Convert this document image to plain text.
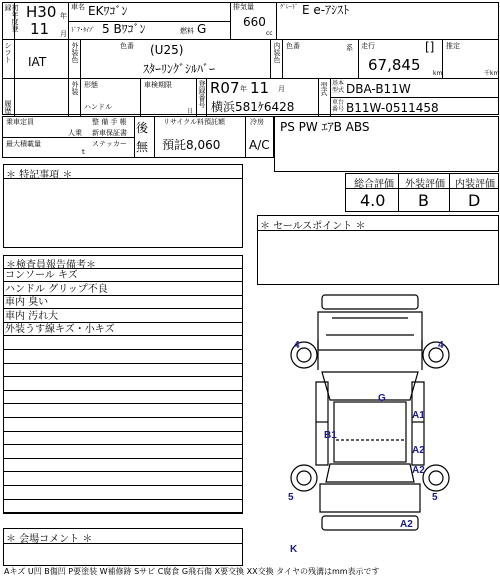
初年度登録 H30 年
11 月
車名 EKﾜｺﾞﾝ
ﾄﾞｱ･ﾀｲﾌﾟ 5 Bﾜｺﾞﾝ	燃料 G
排気量
660
cc
ｸﾞﾚｰﾄﾞ E e-ｱｼｽﾄ
シフト IAT	外装色	色番 (U25)
ｽﾀｰﾘﾝｸﾞｼﾙﾊﾞｰ
内装色 色番	系 走行	[]
67,845 km
推定
千km
履歴
外装 形態
ハンドル
車検期限
日
登録番号 R07 年 11 月
横浜581ｹ6428
型式 基本型式 DBA-B11W
車台番号 B11W-0511458
乗車定員
人乗
最大積載量
t
整 備 手 帳
新車保証書
ステッカー
後
無
リサイクル料預託額
預託8,060
冷房
A/C
PS PW ｴｱB ABS
＊ 特記事項 ＊
総合評価 外装評価 内装評価
4.0 B D
＊ セールスポイント ＊
＊検査員報告備考＊
コンソール キズ
ハンドル グリップ不良
車内 臭い
車内 汚れ大
外装うす線キズ・小キズ
＊ 会場コメント ＊
4	4
G
A1
B1
A2
A2
5	5
A2
K
Aキズ U凹 B傷凹 P要塗装 W補修跡 Sサビ C腐食 G飛石傷 X要交換 XX交換 タイヤの残溝はmm表示です
